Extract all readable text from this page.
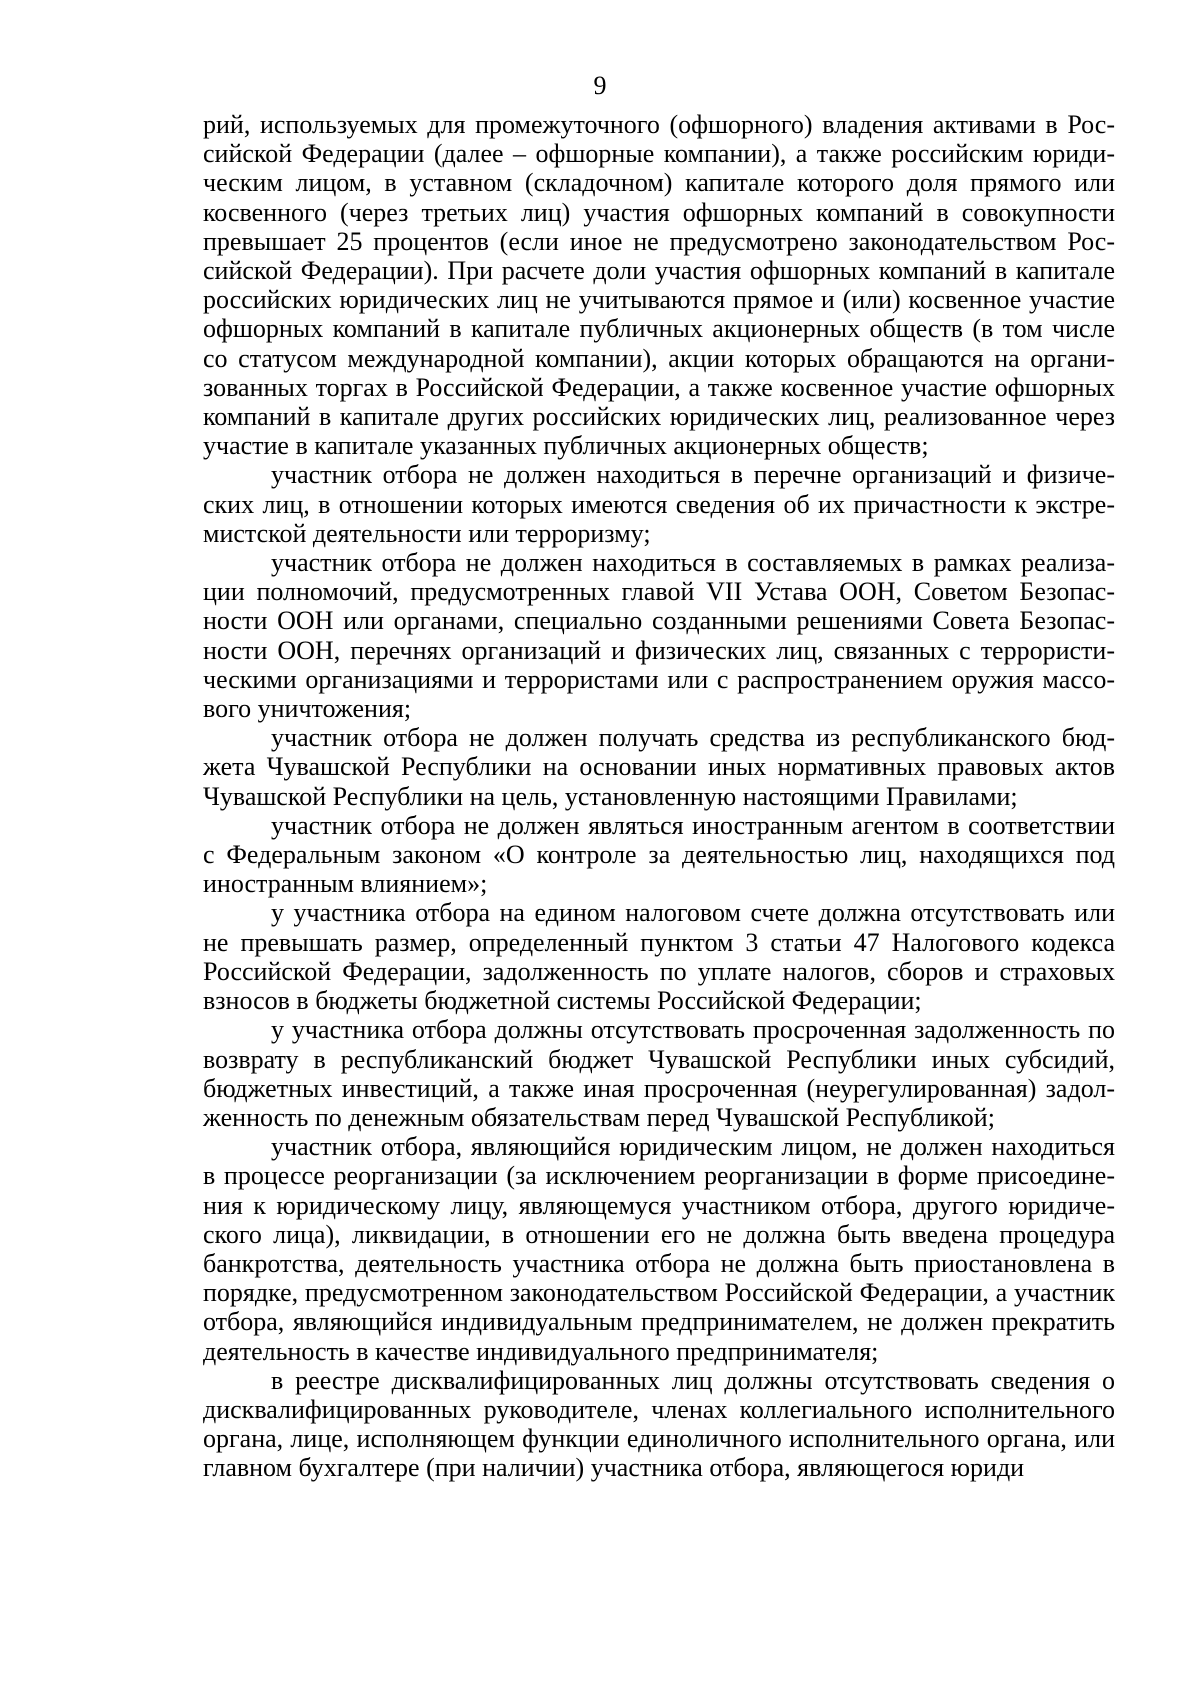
9

рий, используемых для промежуточного (офшорного) владения активами в Российской Федерации (далее – офшорные компании), а также российским юридическим лицом, в уставном (складочном) капитале которого доля прямого или косвенного (через третьих лиц) участия офшорных компаний в совокупности превышает 25 процентов (если иное не предусмотрено законодательством Российской Федерации). При расчете доли участия офшорных компаний в капитале российских юридических лиц не учитываются прямое и (или) косвенное участие офшорных компаний в капитале публичных акционерных обществ (в том числе со статусом международной компании), акции которых обращаются на организованных торгах в Российской Федерации, а также косвенное участие офшорных компаний в капитале других российских юридических лиц, реализованное через участие в капитале указанных публичных акционерных обществ;

участник отбора не должен находиться в перечне организаций и физических лиц, в отношении которых имеются сведения об их причастности к экстремистской деятельности или терроризму;

участник отбора не должен находиться в составляемых в рамках реализации полномочий, предусмотренных главой VII Устава ООН, Советом Безопасности ООН или органами, специально созданными решениями Совета Безопасности ООН, перечнях организаций и физических лиц, связанных с террористическими организациями и террористами или с распространением оружия массового уничтожения;

участник отбора не должен получать средства из республиканского бюджета Чувашской Республики на основании иных нормативных правовых актов Чувашской Республики на цель, установленную настоящими Правилами;

участник отбора не должен являться иностранным агентом в соответствии с Федеральным законом «О контроле за деятельностью лиц, находящихся под иностранным влиянием»;

у участника отбора на едином налоговом счете должна отсутствовать или не превышать размер, определенный пунктом 3 статьи 47 Налогового кодекса Российской Федерации, задолженность по уплате налогов, сборов и страховых взносов в бюджеты бюджетной системы Российской Федерации;

у участника отбора должны отсутствовать просроченная задолженность по возврату в республиканский бюджет Чувашской Республики иных субсидий, бюджетных инвестиций, а также иная просроченная (неурегулированная) задолженность по денежным обязательствам перед Чувашской Республикой;

участник отбора, являющийся юридическим лицом, не должен находиться в процессе реорганизации (за исключением реорганизации в форме присоединения к юридическому лицу, являющемуся участником отбора, другого юридического лица), ликвидации, в отношении его не должна быть введена процедура банкротства, деятельность участника отбора не должна быть приостановлена в порядке, предусмотренном законодательством Российской Федерации, а участник отбора, являющийся индивидуальным предпринимателем, не должен прекратить деятельность в качестве индивидуального предпринимателя;

в реестре дисквалифицированных лиц должны отсутствовать сведения о дисквалифицированных руководителе, членах коллегиального исполнительного органа, лице, исполняющем функции единоличного исполнительного органа, или главном бухгалтере (при наличии) участника отбора, являющегося юриди
